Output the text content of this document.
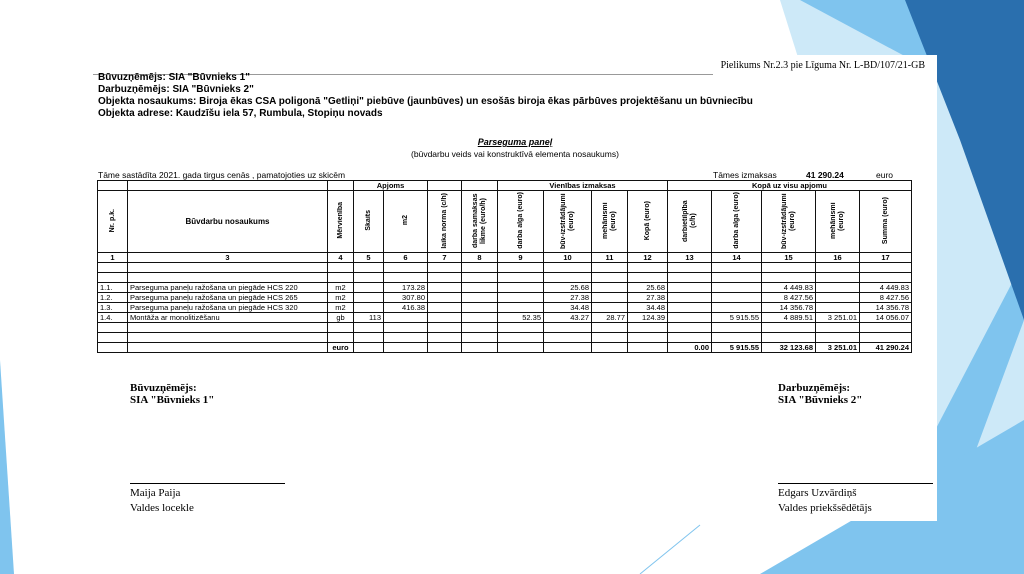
Pielikums Nr.2.3 pie Līguma Nr. L-BD/107/21-GB
Būvuzņēmējs: SIA "Būvnieks 1"
Darbuzņēmējs: SIA "Būvnieks 2"
Objekta nosaukums: Biroja ēkas CSA poligonā "Getliņi" piebūve (jaunbūves) un esošās biroja ēkas pārbūves projektēšanu un būvniecību
Objekta adrese: Kaudzīšu iela 57, Rumbula, Stopiņu novads
Parseguma paneļ
(būvdarbu veids vai konstruktīvā elementa nosaukums)
Tāme sastādīta 2021. gada tirgus cenās , pamatojoties uz skicēm	Tāmes izmaksas	41 290.24	euro
			Apjoms				Vienības izmaksas				Kopā uz visu apjomu				
Nr. p.k.	Būvdarbu nosaukums	Mērvienība	Skaits	m2	laika norma (c/h)	darba samaksas likme (euro/h)	darba alga (euro)	būv-izstrādājumi (euro)	mehānismi (euro)	Kopā (euro)	darbietilpība (c/h)	darba alga (euro)	būv-izstrādājumi (euro)	mehānismi (euro)	Summa (euro)
1	3	4	5	6	7	8	9	10	11	12	13	14	15	16	17

1.1.	Parseguma paneļu ražošana un piegāde HCS 220	m2		173.28				25.68		25.68			4 449.83		4 449.83
1.2.	Parseguma paneļu ražošana un piegāde HCS 265	m2		307.80				27.38		27.38			8 427.56		8 427.56
1.3.	Parseguma paneļu ražošana un piegāde HCS 320	m2		416.38				34.48		34.48			14 356.78		14 356.78
1.4.	Montāža ar monolitizēšanu	gb	113				52.35	43.27	28.77	124.39		5 915.55	4 889.51	3 251.01	14 056.07

		euro									0.00	5 915.55	32 123.68	3 251.01	41 290.24
Būvuzņēmējs:
SIA "Būvnieks 1"
Maija Paija
Valdes locekle
Darbuzņēmējs:
SIA "Būvnieks 2"
Edgars Uzvārdiņš
Valdes priekšsēdētājs
